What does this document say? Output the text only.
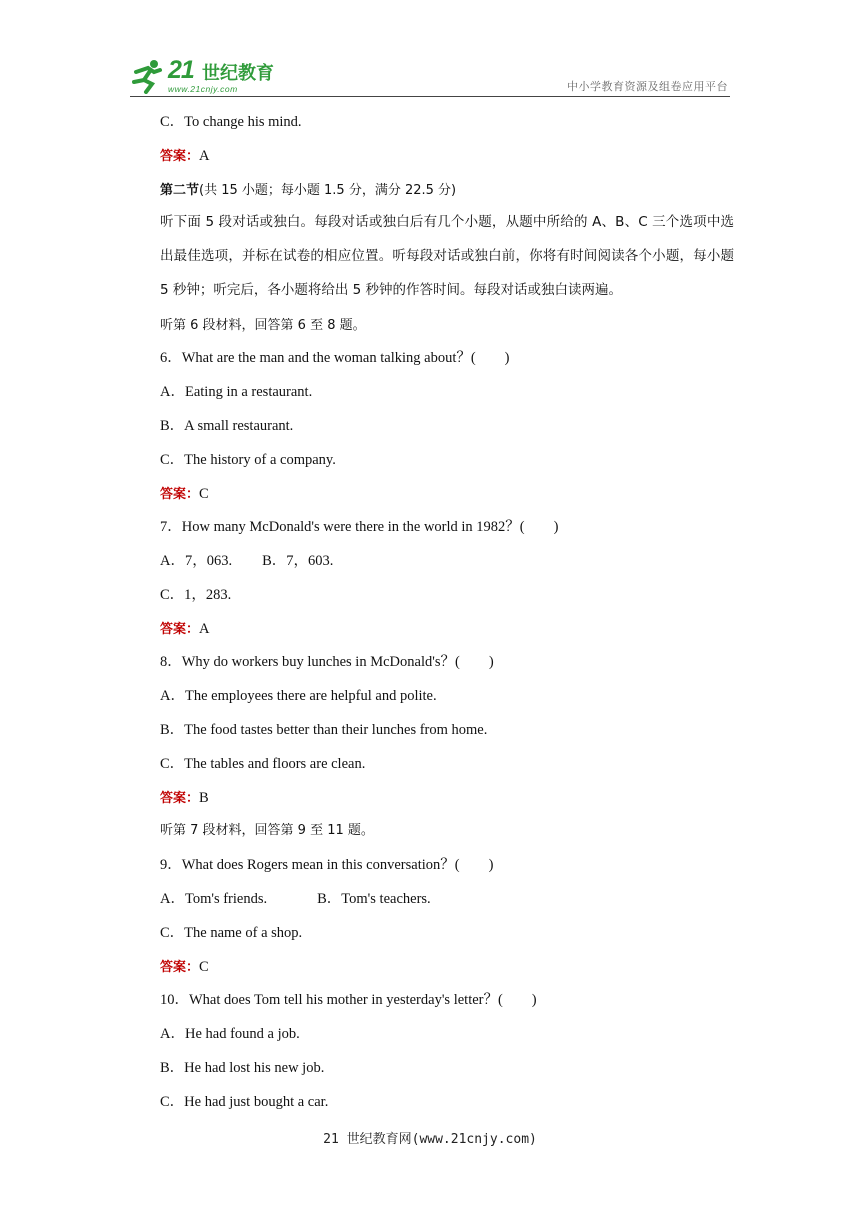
21 世纪教育
www.21cnjy.com	中小学教育资源及组卷应用平台
C．To change his mind.
答案：A
第二节(共 15 小题；每小题 1.5 分，满分 22.5 分)
听下面 5 段对话或独白。每段对话或独白后有几个小题，从题中所给的 A、B、C 三个选项中选出最佳选项，并标在试卷的相应位置。听每段对话或独白前，你将有时间阅读各个小题，每小题 5 秒钟；听完后，各小题将给出 5 秒钟的作答时间。每段对话或独白读两遍。
听第 6 段材料，回答第 6 至 8 题。
6．What are the man and the woman talking about？(　　)
A．Eating in a restaurant.
B．A small restaurant.
C．The history of a company.
答案：C
7．How many McDonald's were there in the world in 1982？(　　)
A．7，063. B．7，603.
C．1，283.
答案：A
8．Why do workers buy lunches in McDonald's？(　　)
A．The employees there are helpful and polite.
B．The food tastes better than their lunches from home.
C．The tables and floors are clean.
答案：B
听第 7 段材料，回答第 9 至 11 题。
9．What does Rogers mean in this conversation？(　　)
A．Tom's friends.	B．Tom's teachers.
C．The name of a shop.
答案：C
10．What does Tom tell his mother in yesterday's letter？(　　)
A．He had found a job.
B．He had lost his new job.
C．He had just bought a car.
21 世纪教育网(www.21cnjy.com)
